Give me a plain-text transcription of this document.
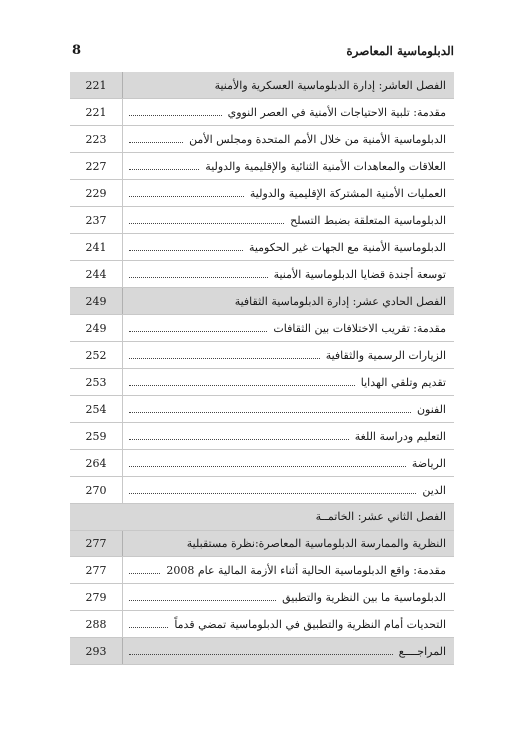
الدبلوماسية المعاصرة
8
الفصل العاشر: إدارة الدبلوماسية العسكرية والأمنية
221
مقدمة: تلبية الاحتياجات الأمنية في العصر النووي
221
الدبلوماسية الأمنية من خلال الأمم المتحدة ومجلس الأمن
223
العلاقات والمعاهدات الأمنية الثنائية والإقليمية والدولية
227
العمليات الأمنية المشتركة الإقليمية والدولية
229
الدبلوماسية المتعلقة بضبط التسلح
237
الدبلوماسية الأمنية مع الجهات غير الحكومية
241
توسعة أجندة قضايا الدبلوماسية الأمنية
244
الفصل الحادي عشر: إدارة الدبلوماسية الثقافية
249
مقدمة: تقريب الاختلافات بين الثقافات
249
الزيارات الرسمية والثقافية
252
تقديم وتلقي الهدايا
253
الفنون
254
التعليم ودراسة اللغة
259
الرياضة
264
الدين
270
الفصل الثاني عشر: الخاتمــة
النظرية والممارسة الدبلوماسية المعاصرة:نظرة مستقبلية
277
مقدمة: واقع الدبلوماسية الحالية أثناء الأزمة المالية عام 2008
277
الدبلوماسية ما بين النظرية والتطبيق
279
التحديات أمام النظرية والتطبيق في الدبلوماسية تمضي قدماً
288
المراجــــع
293
